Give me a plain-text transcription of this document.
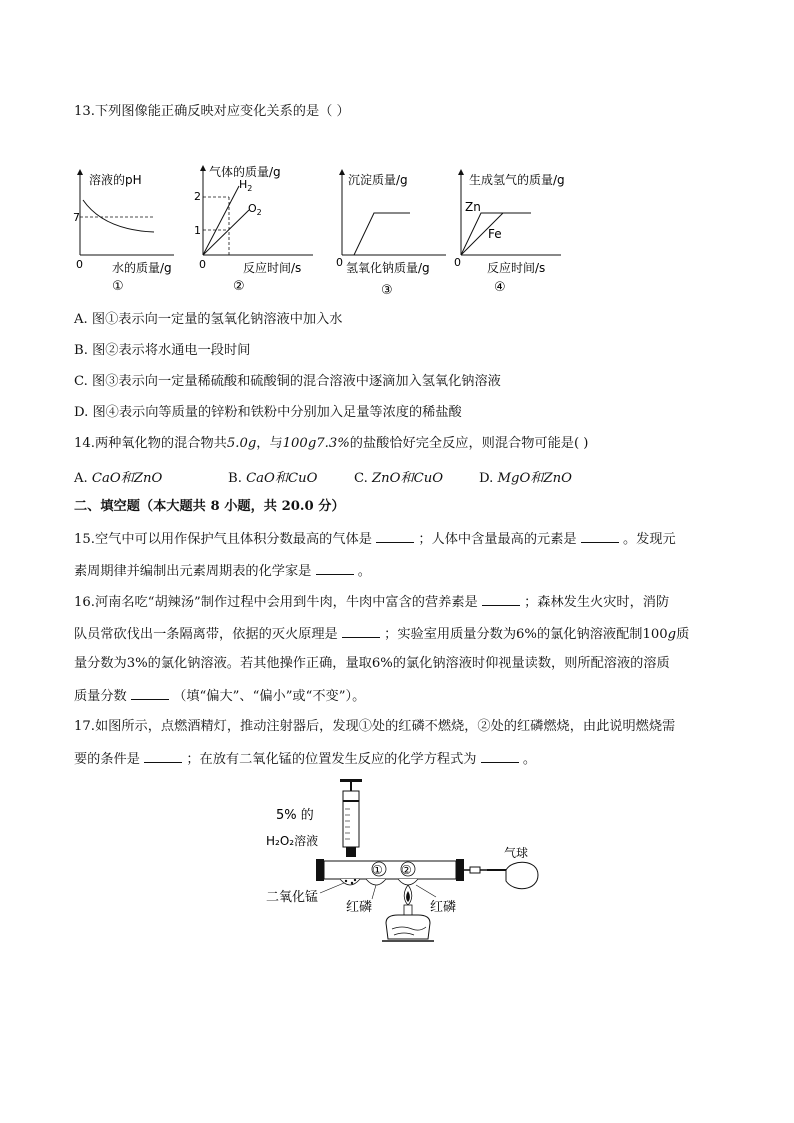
13.下列图像能正确反映对应变化关系的是（ ）
溶液的pH
7
0 水的质量/g
①
气体的质量/g
2
1
$H_2$
$O_2$
0	反应时间/s
②
沉淀质量/g
0 氢氧化钠质量/g
③
生成氢气的质量/g
Zn
Fe
0 反应时间/s
④
A. 图①表示向一定量的氢氧化钠溶液中加入水
B. 图②表示将水通电一段时间
C. 图③表示向一定量稀硫酸和硫酸铜的混合溶液中逐滴加入氢氧化钠溶液
D. 图④表示向等质量的锌粉和铁粉中分别加入足量等浓度的稀盐酸
14.两种氧化物的混合物共5.0g，与100g7.3%的盐酸恰好完全反应，则混合物可能是( )
A. CaO和ZnO	B. CaO和CuO	C. ZnO和CuO	D. MgO和ZnO
二、填空题（本大题共 8 小题，共 20.0 分）
15.空气中可以用作保护气且体积分数最高的气体是	；人体中含量最高的元素是	。发现元
素周期律并编制出元素周期表的化学家是	。
16.河南名吃“胡辣汤”制作过程中会用到牛肉，牛肉中富含的营养素是	；森林发生火灾时，消防
队员常砍伐出一条隔离带，依据的灭火原理是	；实验室用质量分数为6%的氯化钠溶液配制100g质
量分数为3%的氯化钠溶液。若其他操作正确，量取6%的氯化钠溶液时仰视量读数，则所配溶液的溶质
质量分数	（填“偏大”、“偏小”或“不变”）。
17.如图所示，点燃酒精灯，推动注射器后，发现①处的红磷不燃烧，②处的红磷燃烧，由此说明燃烧需
要的条件是	；在放有二氧化锰的位置发生反应的化学方程式为	。
5% 的
H₂O₂溶液
气球
① ②
二氧化锰
红磷	红磷
